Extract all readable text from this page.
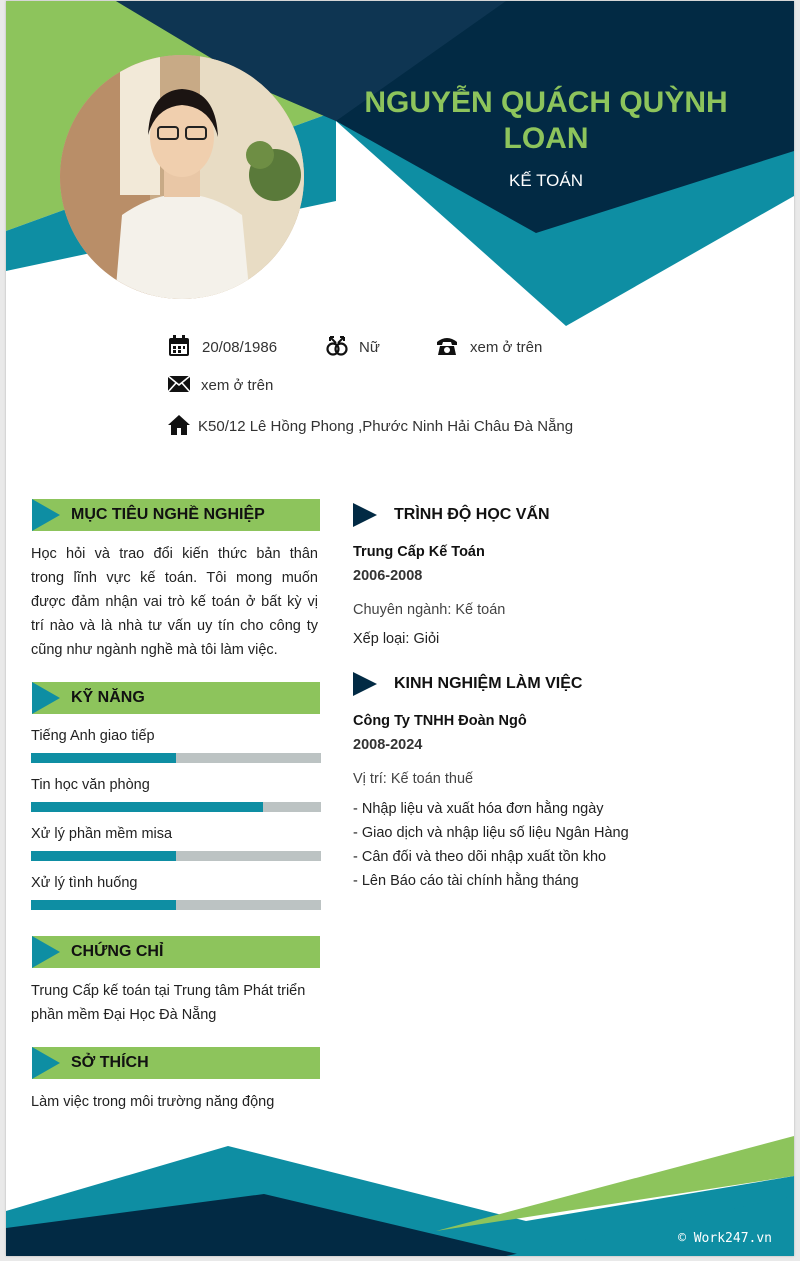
NGUYỄN QUÁCH QUỲNH
LOAN
KẾ TOÁN
20/08/1986	Nữ	xem ở trên
xem ở trên
K50/12 Lê Hồng Phong ,Phước Ninh Hải Châu Đà Nẵng
MỤC TIÊU NGHỀ NGHIỆP
Học hỏi và trao đổi kiến thức bản thân
trong lĩnh vực kế toán. Tôi mong muốn
được đảm nhận vai trò kế toán ở bất kỳ vị
trí nào và là nhà tư vấn uy tín cho công ty
cũng như ngành nghề mà tôi làm việc.
KỸ NĂNG
Tiếng Anh giao tiếp
Tin học văn phòng
Xử lý phần mềm misa
Xử lý tình huống
CHỨNG CHỈ
Trung Cấp kế toán tại Trung tâm Phát triển
phần mềm Đại Học Đà Nẵng
SỞ THÍCH
Làm việc trong môi trường năng động
TRÌNH ĐỘ HỌC VẤN
Trung Cấp Kế Toán
2006-2008
Chuyên ngành: Kế toán
Xếp loại: Giỏi
KINH NGHIỆM LÀM VIỆC
Công Ty TNHH Đoàn Ngô
2008-2024
Vị trí: Kế toán thuế
- Nhập liệu và xuất hóa đơn hằng ngày
- Giao dịch và nhập liệu số liệu Ngân Hàng
- Cân đối và theo dõi nhập xuất tồn kho
- Lên Báo cáo tài chính hằng tháng
© Work247.vn
